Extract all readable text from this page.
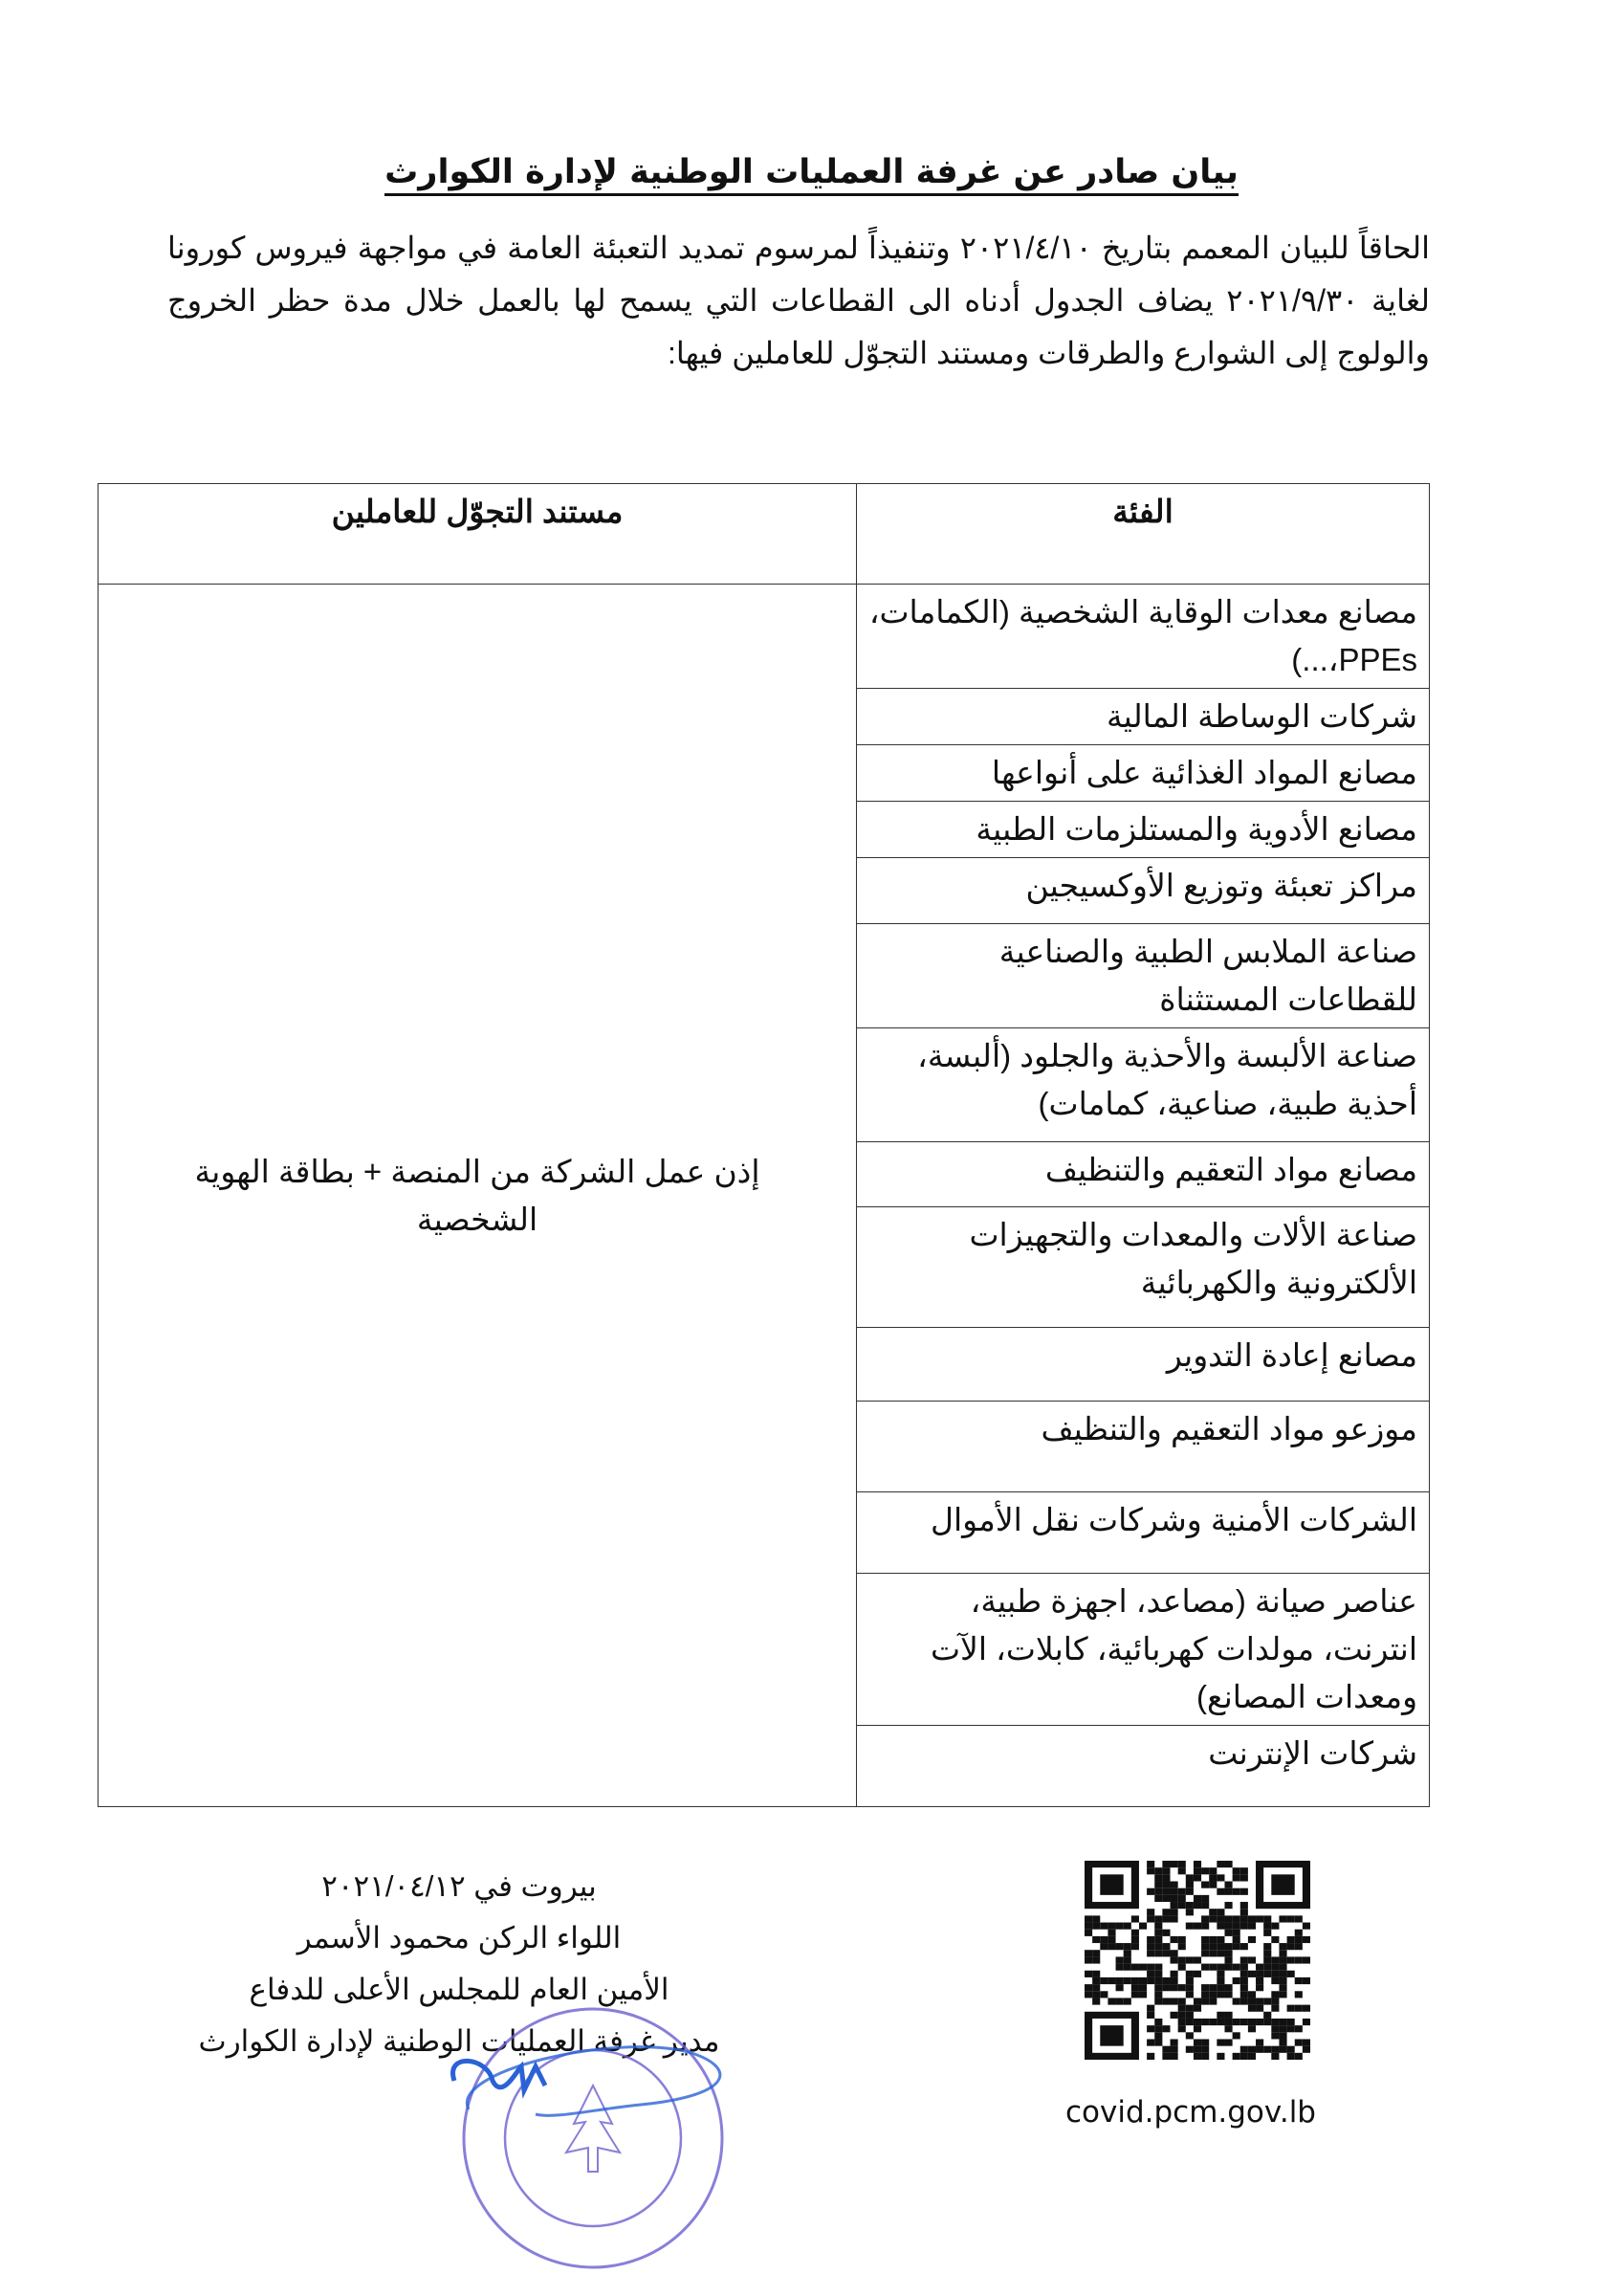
بيان صادر عن غرفة العمليات الوطنية لإدارة الكوارث
الحاقاً للبيان المعمم بتاريخ ٢٠٢١/٤/١٠ وتنفيذاً لمرسوم تمديد التعبئة العامة في مواجهة فيروس كورونا لغاية ٢٠٢١/٩/٣٠ يضاف الجدول أدناه الى القطاعات التي يسمح لها بالعمل خلال مدة حظر الخروج والولوج إلى الشوارع والطرقات ومستند التجوّل للعاملين فيها:
الفئة	مستند التجوّل للعاملين
مصانع معدات الوقاية الشخصية (الكمامات، PPEs،...)	إذن عمل الشركة من المنصة + بطاقة الهوية الشخصية
شركات الوساطة المالية	
مصانع المواد الغذائية على أنواعها	
مصانع الأدوية والمستلزمات الطبية	
مراكز تعبئة وتوزيع الأوكسيجين	
صناعة الملابس الطبية والصناعية للقطاعات المستثناة	
صناعة الألبسة والأحذية والجلود (ألبسة، أحذية طبية، صناعية، كمامات)	
مصانع مواد التعقيم والتنظيف	
صناعة الألات والمعدات والتجهيزات الألكترونية والكهربائية	
مصانع إعادة التدوير	
موزعو مواد التعقيم والتنظيف	
الشركات الأمنية وشركات نقل الأموال	
عناصر صيانة (مصاعد، اجهزة طبية، انترنت، مولدات كهربائية، كابلات، الآت ومعدات المصانع)	
شركات الإنترنت	
بيروت في ٢٠٢١/٠٤/١٢
اللواء الركن محمود الأسمر
الأمين العام للمجلس الأعلى للدفاع
مدير غرفة العمليات الوطنية لإدارة الكوارث
covid.pcm.gov.lb
